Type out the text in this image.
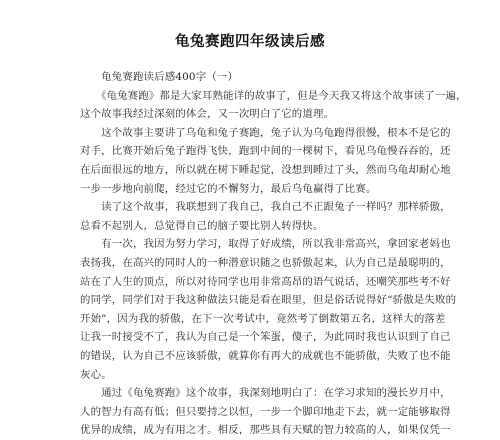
龟兔赛跑四年级读后感
　　龟兔赛跑读后感400字（一）
　　《龟兔赛跑》都是大家耳熟能详的故事了，但是今天我又将这个故事读了一遍，
这个故事我经过深刻的体会，又一次明白了它的道理。
　　这个故事主要讲了乌龟和兔子赛跑，兔子认为乌龟跑得很慢，根本不是它的
对手，比赛开始后兔子跑得飞快，跑到中间的一棵树下，看见乌龟慢吞吞的，还
在后面很远的地方，所以就在树下睡起觉，没想到睡过了头，然而乌龟却耐心地
一步一步地向前爬，经过它的不懈努力，最后乌龟赢得了比赛。
　　读了这个故事，我联想到了我自己，我自己不正跟兔子一样吗？那样骄傲，
总看不起别人，总觉得自己的脑子要比别人转得快。
　　有一次，我因为努力学习，取得了好成绩，所以我非常高兴，拿回家老妈也
表扬我，在高兴的同时人的一种潜意识随之也骄傲起来，认为自己是最聪明的，
站在了人生的顶点，所以对待同学也用非常高昂的语气说话，还嘲笑那些考不好
的同学，同学们对于我这种做法只能是看在眼里，但是俗话说得好“骄傲是失败的
开始”，因为我的骄傲，在下一次考试中，竟然考了倒数第五名，这样大的落差
让我一时接受不了，我认为自己是一个笨蛋，傻子，为此同时我也认识到了自己
的错误，认为自己不应该骄傲，就算你有再大的成就也不能骄傲，失败了也不能
灰心。
　　通过《龟兔赛跑》这个故事，我深刻地明白了：在学习求知的漫长岁月中，
人的智力有高有低；但只要持之以恒，一步一个脚印地走下去，就一定能够取得
优异的成绩，成为有用之才。相反，那些具有天赋的智力较高的人，如果仅凭一
